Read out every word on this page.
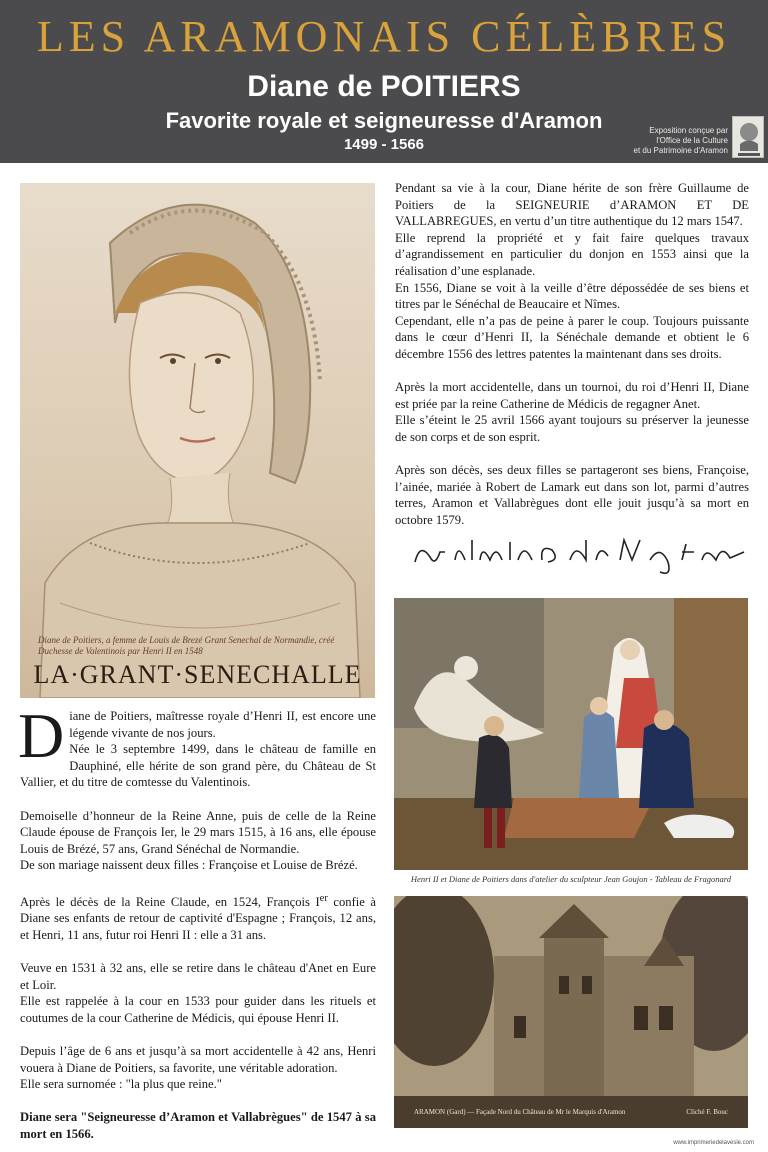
LES ARAMONAIS CÉLÈBRES
Diane de POITIERS
Favorite royale et seigneuresse d'Aramon
1499 - 1566
Exposition conçue par
l'Office de la Culture
et du Patrimoine d'Aramon
Diane de Poitiers, a femme de Louis de Brezé Grant Senechal de Normandie, créé Duchesse de Valentinois par Henri II en 1548
LA·GRANT·SENECHALLE

Diane de Poitiers, maîtresse royale d’Henri II, est encore une légende vivante de nos jours.

Née le 3 septembre 1499, dans le château de famille en Dauphiné, elle hérite de son grand père, du Château de St Vallier, et du titre de comtesse du Valentinois.

Demoiselle d’honneur de la Reine Anne, puis de celle de la Reine Claude épouse de François Ier, le 29 mars 1515, à 16 ans, elle épouse Louis de Brézé, 57 ans, Grand Sénéchal de Normandie.

De son mariage naissent deux filles : Françoise et Louise de Brézé.

Après le décès de la Reine Claude, en 1524, François Ier confie à Diane ses enfants de retour de captivité d'Espagne ; François, 12 ans, et Henri, 11 ans, futur roi Henri II : elle a 31 ans.

Veuve en 1531 à 32 ans, elle se retire dans le château d'Anet en Eure et Loir.

Elle est rappelée à la cour en 1533 pour guider dans les rituels et coutumes de la cour Catherine de Médicis, qui épouse Henri II.

Depuis l’âge de 6 ans et jusqu’à sa mort accidentelle à 42 ans, Henri vouera à Diane de Poitiers, sa favorite, une véritable adoration.

Elle sera surnomée : "la plus que reine."

Diane sera "Seigneuresse d’Aramon et Vallabrègues" de 1547 à sa mort en 1566.

Pendant sa vie à la cour, Diane hérite de son frère Guillaume de Poitiers de la SEIGNEURIE d’ARAMON ET DE VALLABREGUES, en vertu d’un titre authentique du 12 mars 1547.

Elle reprend la propriété et y fait faire quelques travaux d’agrandissement en particulier du donjon en 1553 ainsi que la réalisation d’une esplanade.

En 1556, Diane se voit à la veille d’être dépossédée de ses biens et titres par le Sénéchal de Beaucaire et Nîmes.

Cependant, elle n’a pas de peine à parer le coup. Toujours puissante dans le cœur d’Henri II, la Sénéchale demande et obtient le 6 décembre 1556 des lettres patentes la maintenant dans ses droits.

Après la mort accidentelle, dans un tournoi, du roi d’Henri II, Diane est priée par la reine Catherine de Médicis de regagner Anet.

Elle s’éteint le 25 avril 1566 ayant toujours su préserver la jeunesse de son corps et de son esprit.

Après son décès, ses deux filles se partageront ses biens, Françoise, l’ainée, mariée à Robert de Lamark eut dans son lot, parmi d’autres terres, Aramon et Vallabrègues dont elle jouit jusqu’à sa mort en octobre 1579.

Henri II et Diane de Poitiers dans d'atelier du sculpteur Jean Goujon - Tableau de Fragonard
ARAMON (Gard) — Façade Nord du Château de Mr le Marquis d'Aramon	Cliché F. Bouc
www.imprimeriedelavesle.com
